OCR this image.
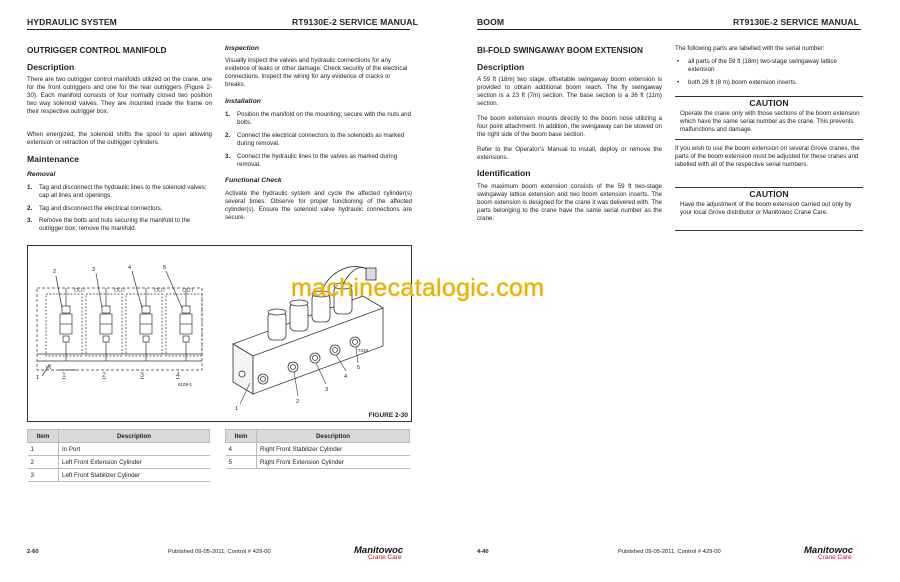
HYDRAULIC SYSTEM	RT9130E-2 SERVICE MANUAL
OUTRIGGER CONTROL MANIFOLD
Description
There are two outrigger control manifolds utilized on the crane, one for the front outriggers and one for the rear outriggers (Figure 2-30). Each manifold consists of four normally closed two position two way solenoid valves. They are mounted inside the frame on their respective outrigger box.
When energized, the solenoid shifts the spool to open allowing extension or retraction of the outrigger cylinders.
Maintenance
Removal
1. Tag and disconnect the hydraulic lines to the solenoid valves; cap all lines and openings.
2. Tag and disconnect the electrical connectors.
3. Remove the bolts and nuts securing the manifold to the outrigger box; remove the manifold.
Inspection
Visually inspect the valves and hydraulic connections for any evidence of leaks or other damage. Check security of the electrical connections. Inspect the wiring for any evidence of cracks or breaks.
Installation
1. Position the manifold on the mounting; secure with the nuts and bolts.
2. Connect the electrical connectors to the solenoids as marked during removal.
3. Connect the hydraulic lines to the valves as marked during removal.
Functional Check
Activate the hydraulic system and cycle the affected cylinder(s) several times. Observe for proper functioning of the affected cylinder(s). Ensure the solenoid valve hydraulic connections are secure.
OUT	OUT	OUT	OUT
IN
1	2	3	4
2	3	4	5
1
6109-1
1
2
3
4
5
7319
FIGURE 2-30
Item	Description
1	In Port
2	Left Front Extension Cylinder
3	Left Front Stabilizer Cylinder
Item	Description
4	Right Front Stabilizer Cylinder
5	Right Front Extension Cylinder
2-60	Published 09-05-2011, Control # 429-00	Manitowoc
Crane Care
BOOM	RT9130E-2 SERVICE MANUAL
BI-FOLD SWINGAWAY BOOM EXTENSION
Description
A 59 ft (18m) two stage, offsetable swingaway boom extension is provided to obtain additional boom reach. The fly swingaway section is a 23 ft (7m) section. The base section is a 36 ft (11m) section.
The boom extension mounts directly to the boom nose utilizing a four point attachment. In addition, the swingaway can be stowed on the right side of the boom base section.
Refer to the Operator’s Manual to install, deploy or remove the extensions.
Identification
The maximum boom extension consists of the 59 ft two-stage swingaway lattice extension and two boom extension inserts. The boom extension is designed for the crane it was delivered with. The parts belonging to the crane have the same serial number as the crane.
The following parts are labelled with the serial number:
• all parts of the 59 ft (18m) two-stage swingaway lattice extension
• both 26 ft (8 m) boom extension inserts.
CAUTION
Operate the crane only with those sections of the boom extension which have the same serial number as the crane. This prevents malfunctions and damage.
If you wish to use the boom extension on several Grove cranes, the parts of the boom extension must be adjusted for these cranes and labelled with all of the respective serial numbers.
CAUTION
Have the adjustment of the boom extension carried out only by your local Grove distributor or Manitowoc Crane Care.
4-40	Published 09-05-2011, Control # 429-00	Manitowoc
Crane Care
machinecatalogic.com
